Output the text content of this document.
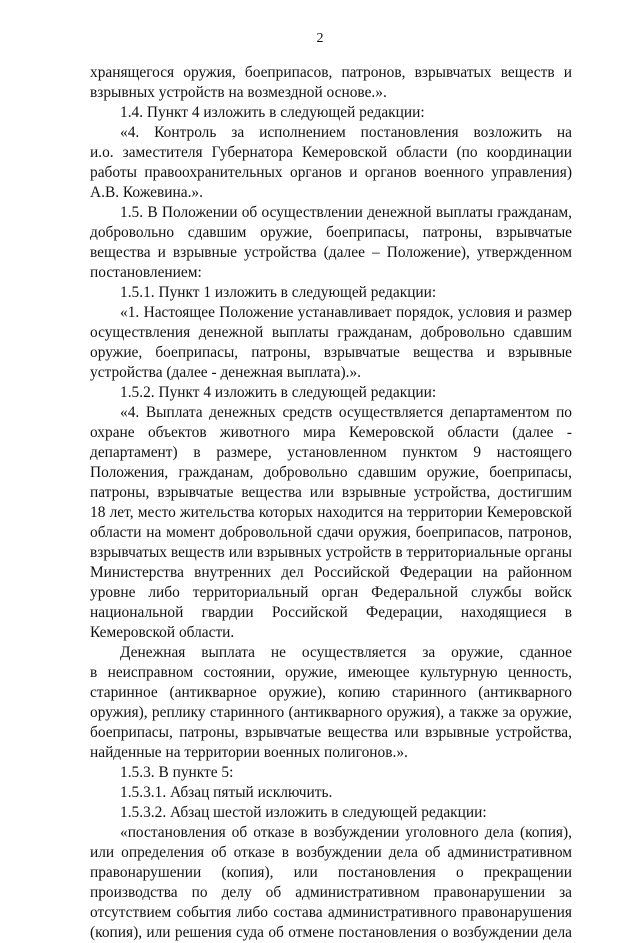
2
хранящегося оружия, боеприпасов, патронов, взрывчатых веществ и
взрывных устройств на возмездной основе.».
1.4. Пункт 4 изложить в следующей редакции:
«4. Контроль за исполнением постановления возложить на
и.о. заместителя Губернатора Кемеровской области (по координации
работы правоохранительных органов и органов военного управления)
А.В. Кожевина.».
1.5. В Положении об осуществлении денежной выплаты гражданам,
добровольно сдавшим оружие, боеприпасы, патроны, взрывчатые
вещества и взрывные устройства (далее – Положение), утвержденном
постановлением:
1.5.1. Пункт 1 изложить в следующей редакции:
«1. Настоящее Положение устанавливает порядок, условия и размер
осуществления денежной выплаты гражданам, добровольно сдавшим
оружие, боеприпасы, патроны, взрывчатые вещества и взрывные
устройства (далее - денежная выплата).».
1.5.2. Пункт 4 изложить в следующей редакции:
«4. Выплата денежных средств осуществляется департаментом по
охране объектов животного мира Кемеровской области (далее -
департамент) в размере, установленном пунктом 9 настоящего
Положения, гражданам, добровольно сдавшим оружие, боеприпасы,
патроны, взрывчатые вещества или взрывные устройства, достигшим
18 лет, место жительства которых находится на территории Кемеровской
области на момент добровольной сдачи оружия, боеприпасов, патронов,
взрывчатых веществ или взрывных устройств в территориальные органы
Министерства внутренних дел Российской Федерации на районном
уровне либо территориальный орган Федеральной службы войск
национальной гвардии Российской Федерации, находящиеся в
Кемеровской области.
Денежная выплата не осуществляется за оружие, сданное
в неисправном состоянии, оружие, имеющее культурную ценность,
старинное (антикварное оружие), копию старинного (антикварного
оружия), реплику старинного (антикварного оружия), а также за оружие,
боеприпасы, патроны, взрывчатые вещества или взрывные устройства,
найденные на территории военных полигонов.».
1.5.3. В пункте 5:
1.5.3.1. Абзац пятый исключить.
1.5.3.2. Абзац шестой изложить в следующей редакции:
«постановления об отказе в возбуждении уголовного дела (копия),
или определения об отказе в возбуждении дела об административном
правонарушении (копия), или постановления о прекращении
производства по делу об административном правонарушении за
отсутствием события либо состава административного правонарушения
(копия), или решения суда об отмене постановления о возбуждении дела
